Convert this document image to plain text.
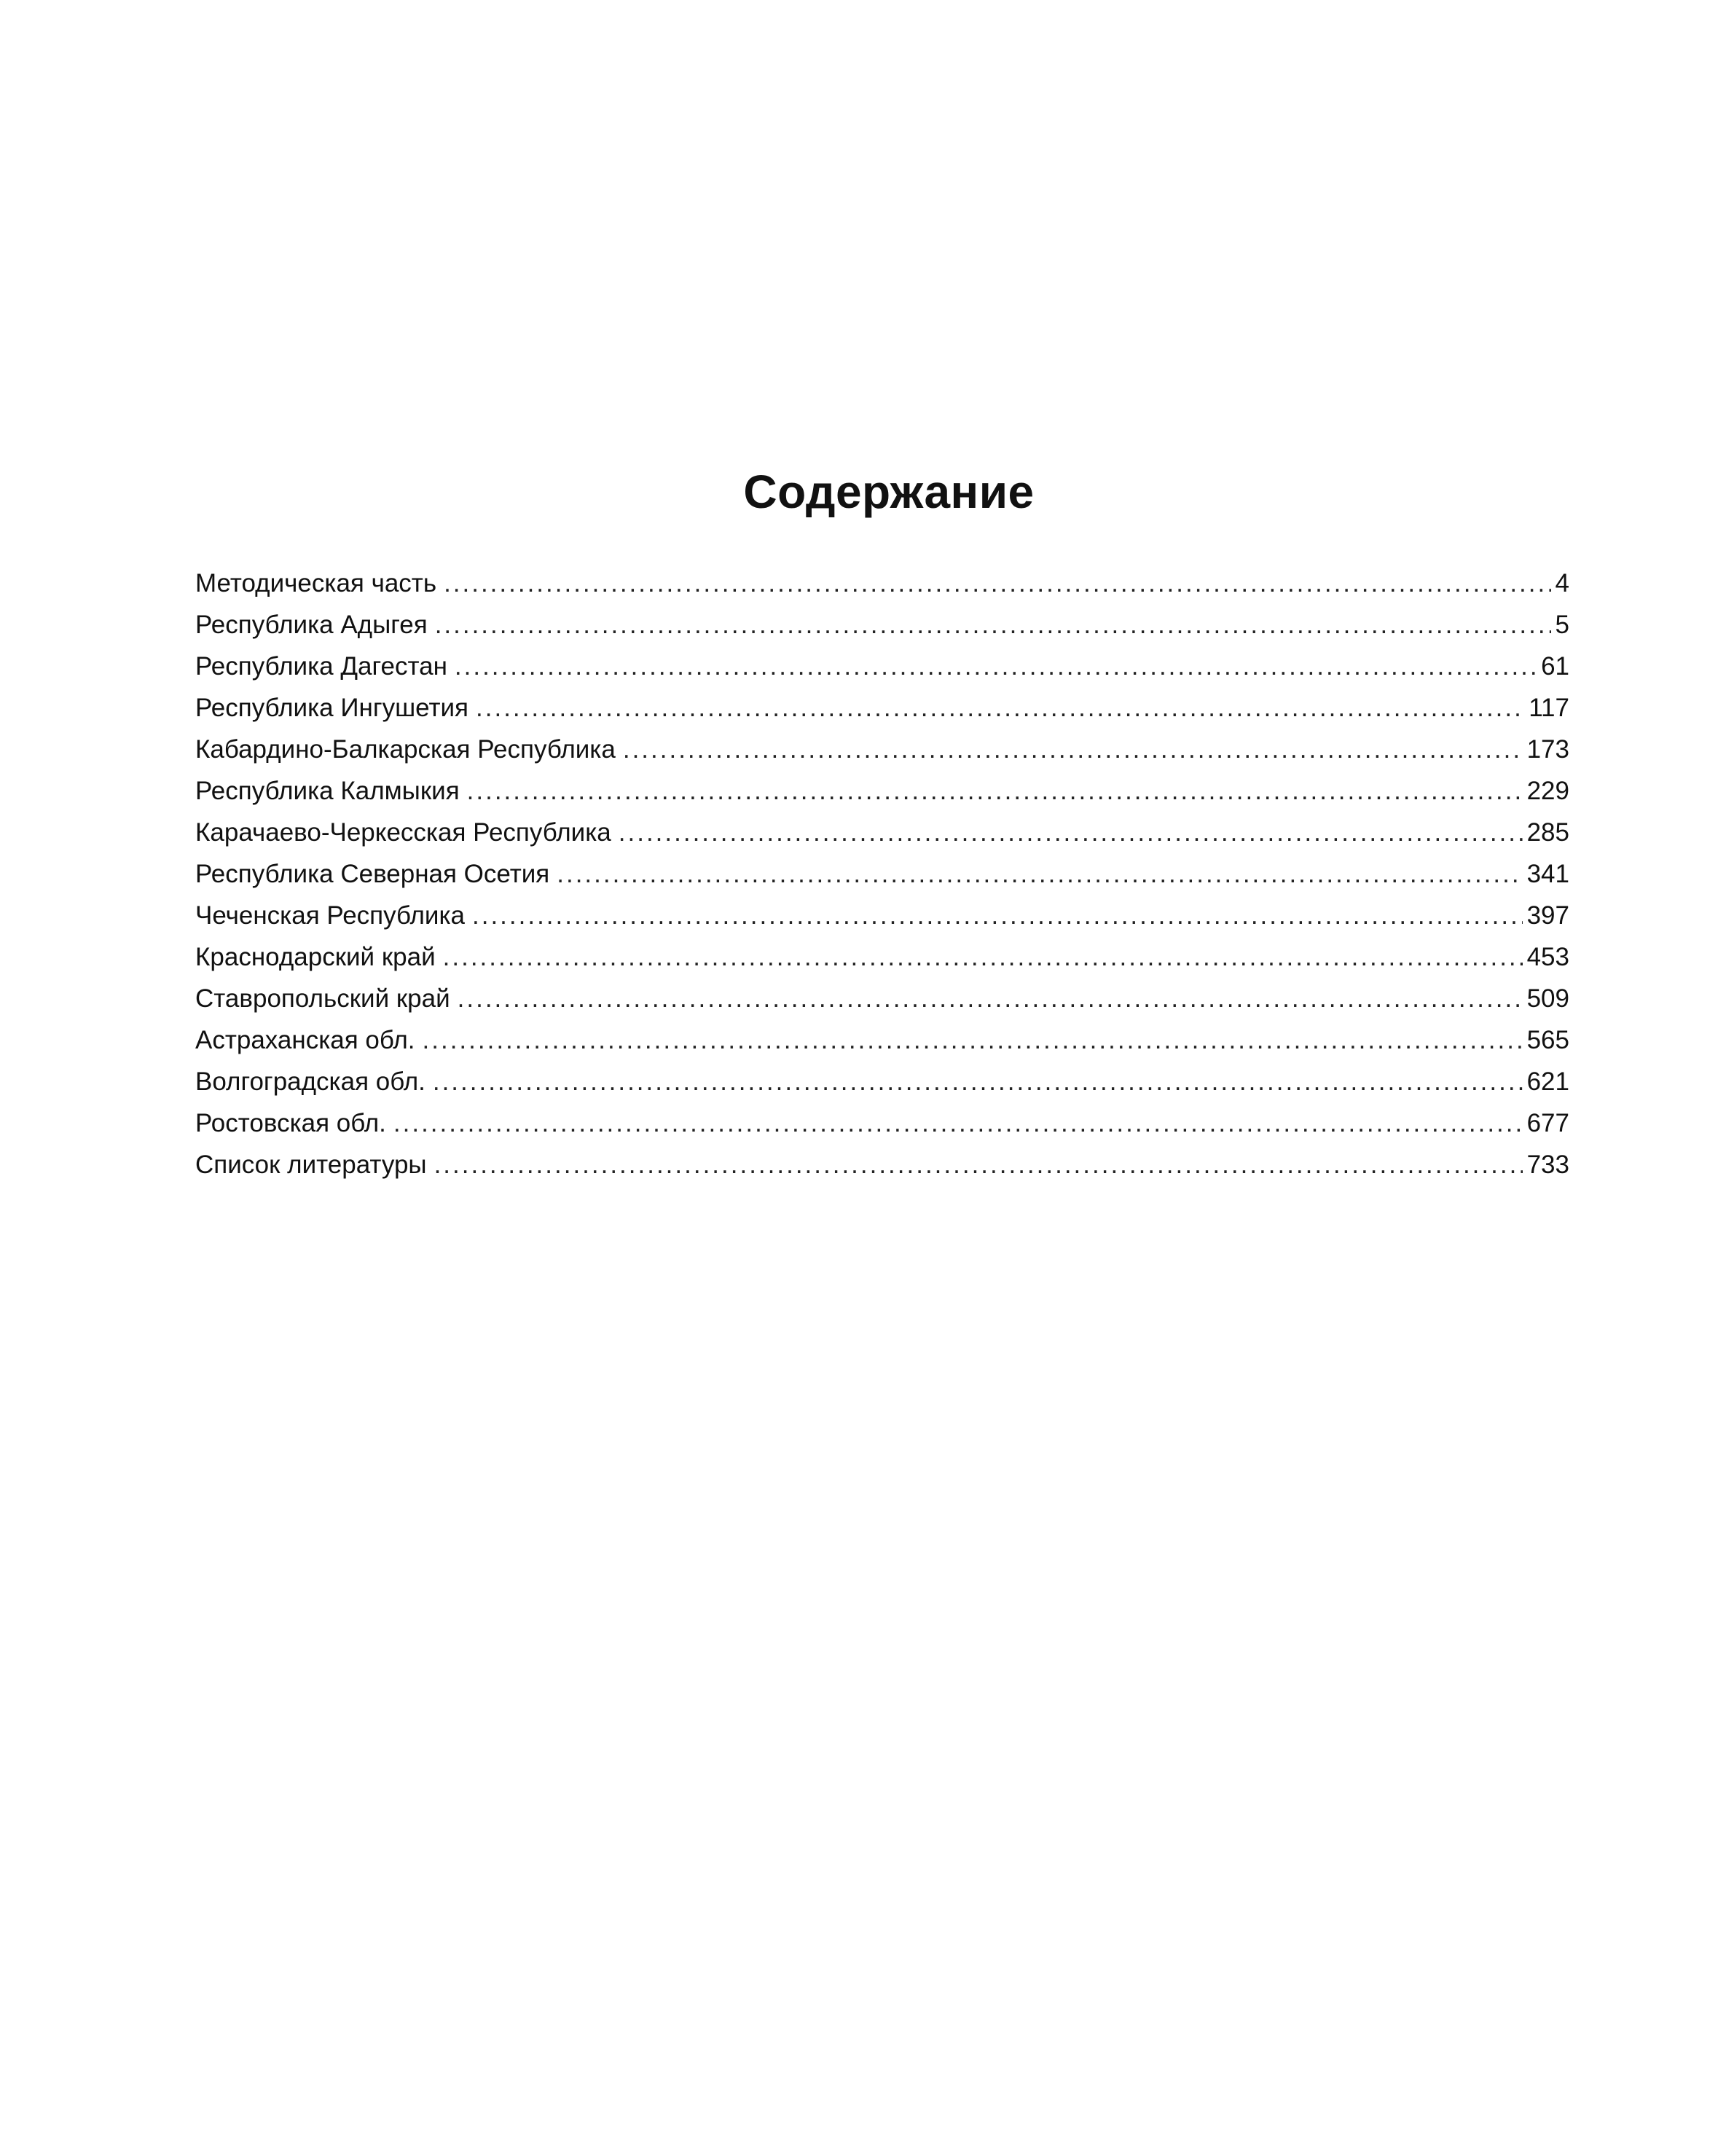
Содержание
Методическая часть .....	4
Республика Адыгея .....	5
Республика Дагестан .....	61
Республика Ингушетия .....	117
Кабардино-Балкарская Республика .....	173
Республика Калмыкия .....	229
Карачаево-Черкесская Республика .....	285
Республика Северная Осетия .....	341
Чеченская Республика .....	397
Краснодарский край .....	453
Ставропольский край .....	509
Астраханская обл. .....	565
Волгоградская обл. .....	621
Ростовская обл. .....	677
Список литературы .....	733
